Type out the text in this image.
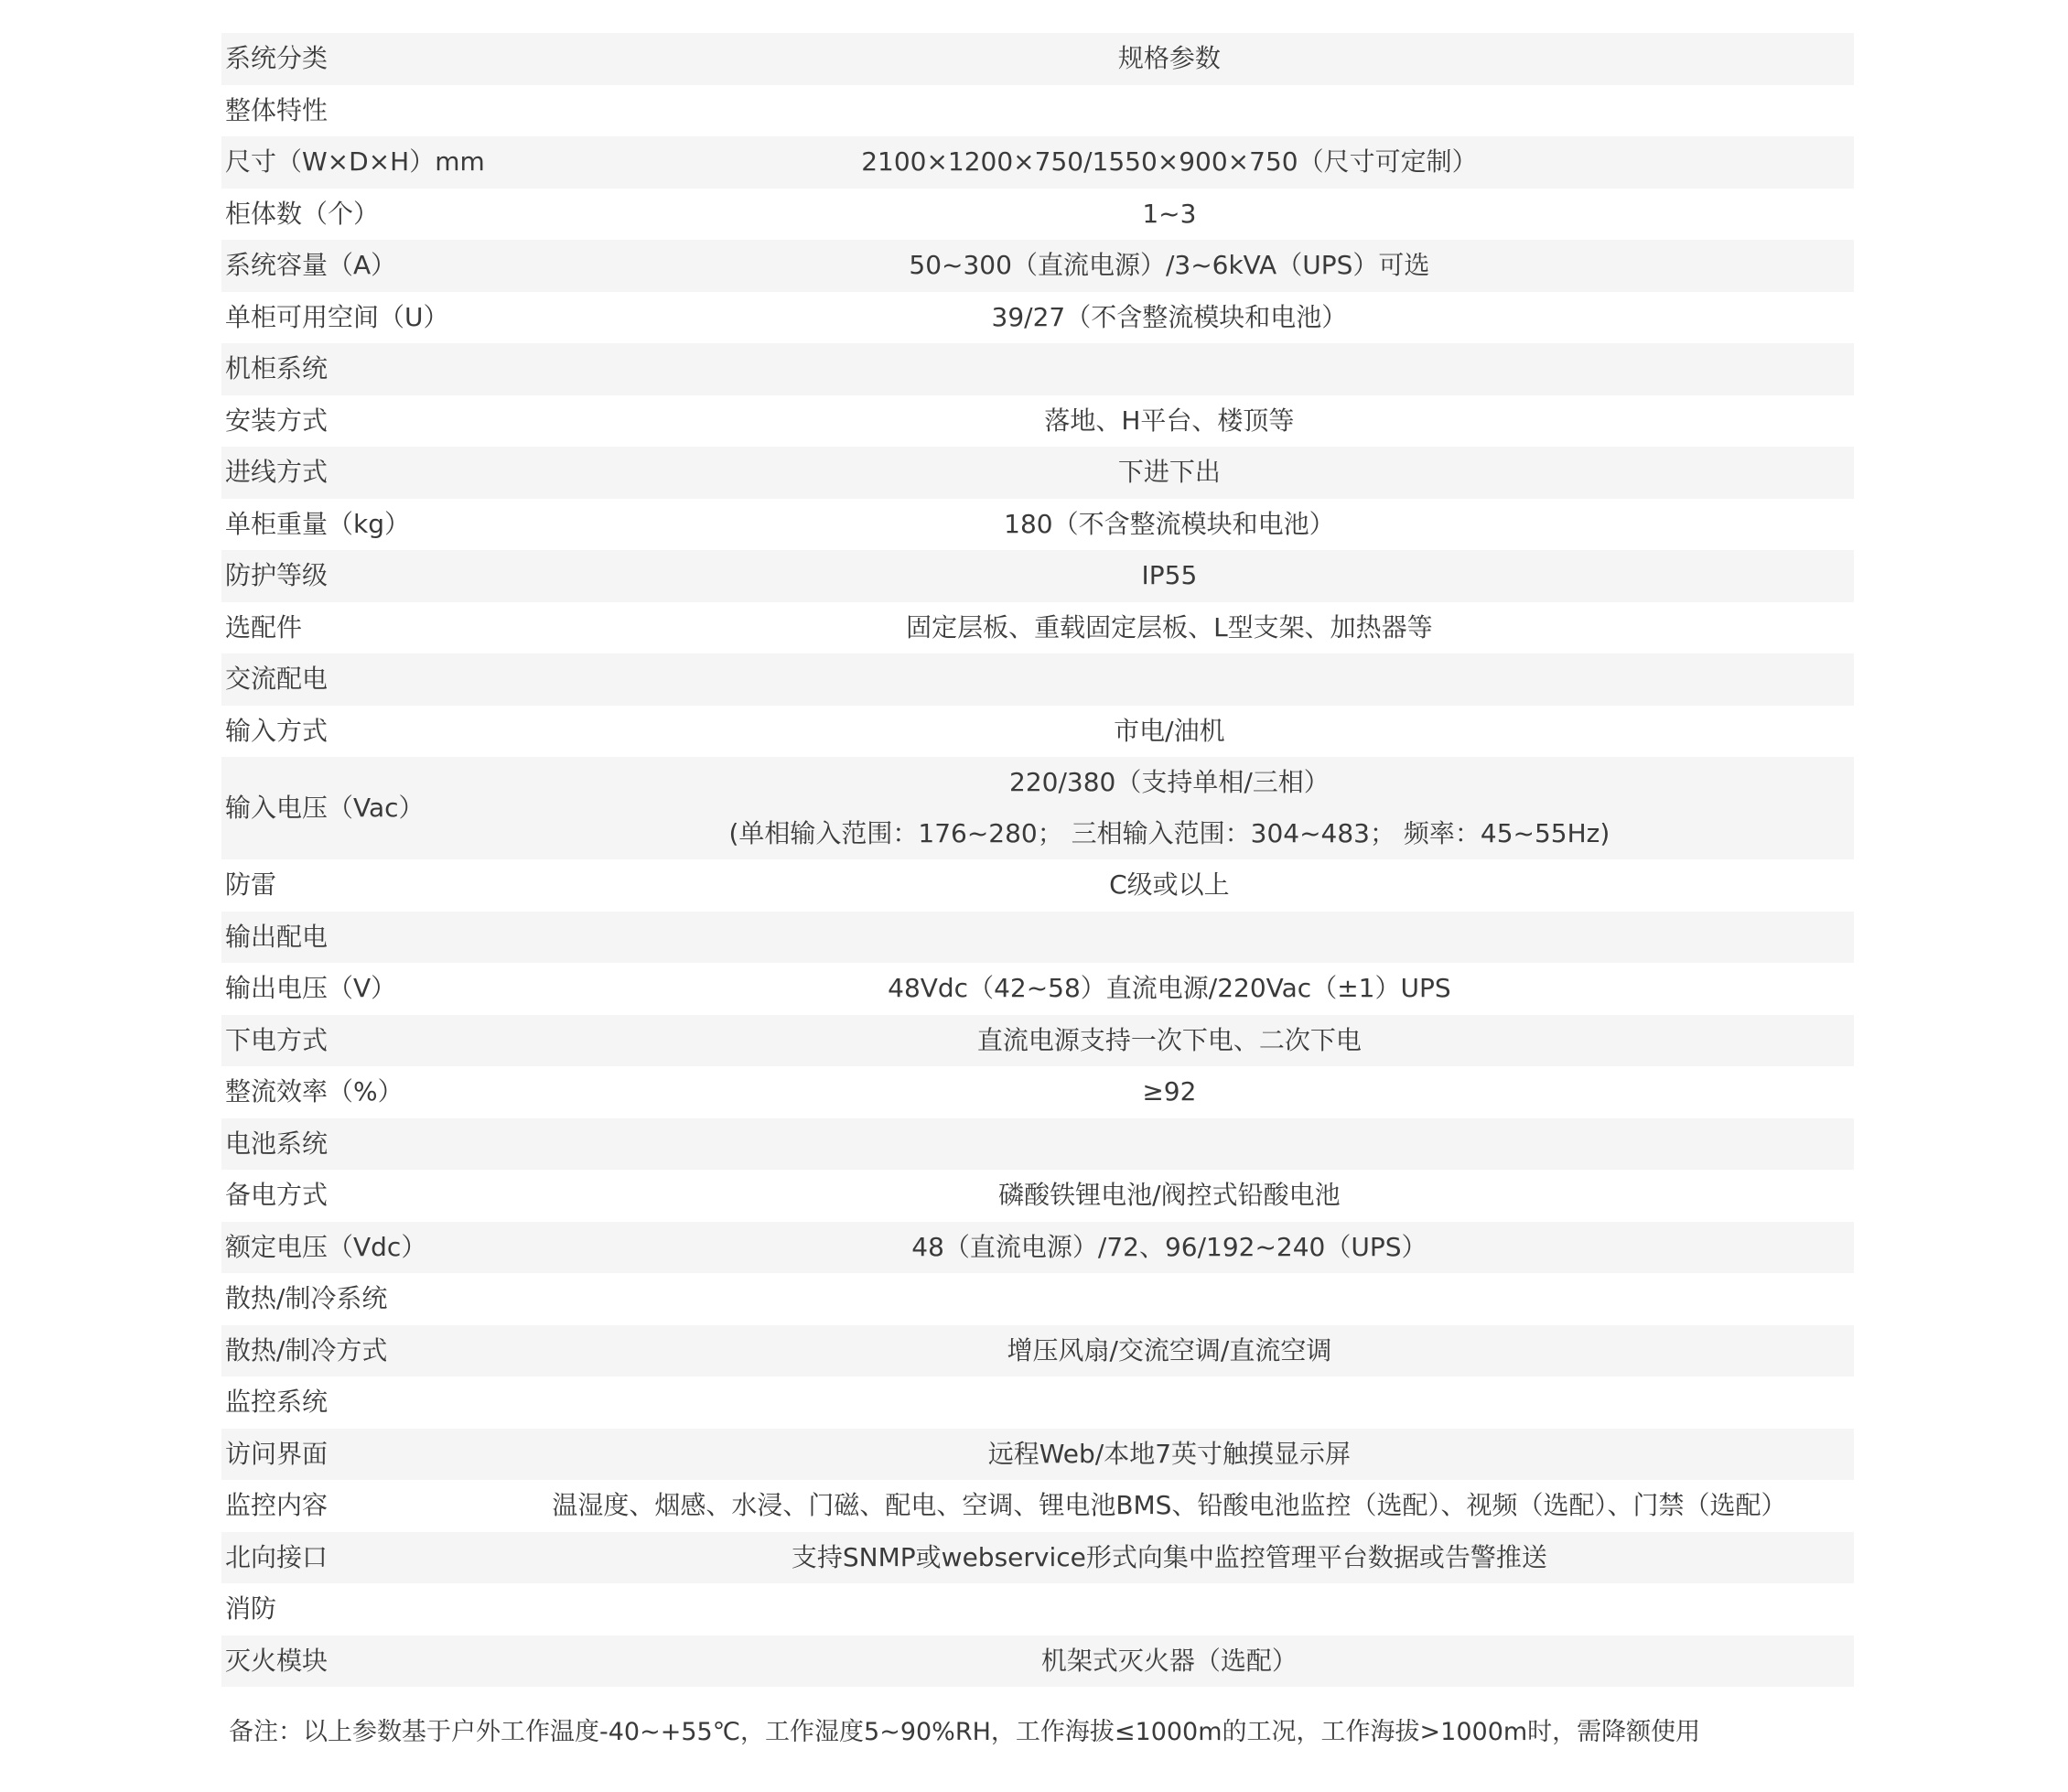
系统分类	规格参数
整体特性	
尺寸（W×D×H）mm	2100×1200×750/1550×900×750（尺寸可定制）
柜体数（个）	1~3
系统容量（A）	50~300（直流电源）/3~6kVA（UPS）可选
单柜可用空间（U）	39/27（不含整流模块和电池）
机柜系统	
安装方式	落地、H平台、楼顶等
进线方式	下进下出
单柜重量（kg）	180（不含整流模块和电池）
防护等级	IP55
选配件	固定层板、重载固定层板、L型支架、加热器等
交流配电	
输入方式	市电/油机
输入电压（Vac）	220/380（支持单相/三相）
(单相输入范围：176~280； 三相输入范围：304~483； 频率：45~55Hz)

防雷	C级或以上
输出配电	
输出电压（V）	48Vdc（42~58）直流电源/220Vac（±1）UPS
下电方式	直流电源支持一次下电、二次下电
整流效率（%）	≥92
电池系统	
备电方式	磷酸铁锂电池/阀控式铅酸电池
额定电压（Vdc）	48（直流电源）/72、96/192~240（UPS）
散热/制冷系统	
散热/制冷方式	增压风扇/交流空调/直流空调
监控系统	
访问界面	远程Web/本地7英寸触摸显示屏
监控内容	温湿度、烟感、水浸、门磁、配电、空调、锂电池BMS、铅酸电池监控（选配）、视频（选配）、门禁（选配）
北向接口	支持SNMP或webservice形式向集中监控管理平台数据或告警推送
消防	
灭火模块	机架式灭火器（选配）
备注：以上参数基于户外工作温度-40~+55℃，工作湿度5~90%RH，工作海拔≤1000m的工况，工作海拔>1000m时，需降额使用
